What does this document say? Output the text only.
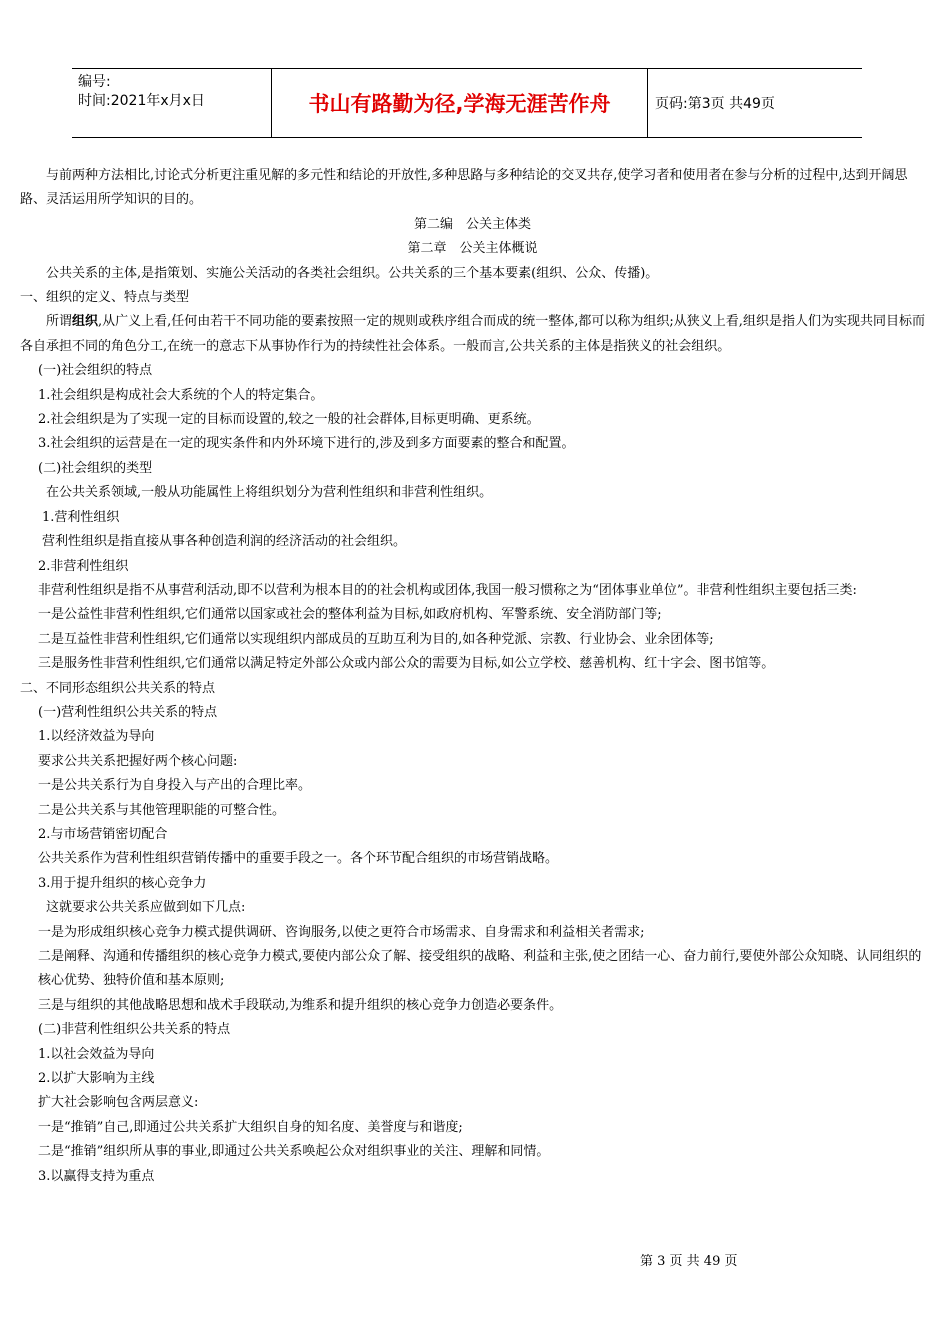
编号:
时间:2021年x月x日	书山有路勤为径,学海无涯苦作舟	页码:第3页 共49页

与前两种方法相比,讨论式分析更注重见解的多元性和结论的开放性,多种思路与多种结论的交叉共存,使学习者和使用者在参与分析的过程中,达到开阔思路、灵活运用所学知识的目的。

第二编　公关主体类

第二章　公关主体概说

公共关系的主体,是指策划、实施公关活动的各类社会组织。公共关系的三个基本要素(组织、公众、传播)。

一、组织的定义、特点与类型

所谓组织,从广义上看,任何由若干不同功能的要素按照一定的规则或秩序组合而成的统一整体,都可以称为组织;从狭义上看,组织是指人们为实现共同目标而各自承担不同的角色分工,在统一的意志下从事协作行为的持续性社会体系。一般而言,公共关系的主体是指狭义的社会组织。

(一)社会组织的特点

1.社会组织是构成社会大系统的个人的特定集合。

2.社会组织是为了实现一定的目标而设置的,较之一般的社会群体,目标更明确、更系统。

3.社会组织的运营是在一定的现实条件和内外环境下进行的,涉及到多方面要素的整合和配置。

(二)社会组织的类型

在公共关系领域,一般从功能属性上将组织划分为营利性组织和非营利性组织。

1.营利性组织

营利性组织是指直接从事各种创造利润的经济活动的社会组织。

2.非营利性组织

非营利性组织是指不从事营利活动,即不以营利为根本目的的社会机构或团体,我国一般习惯称之为“团体事业单位”。非营利性组织主要包括三类:

一是公益性非营利性组织,它们通常以国家或社会的整体利益为目标,如政府机构、军警系统、安全消防部门等;

二是互益性非营利性组织,它们通常以实现组织内部成员的互助互利为目的,如各种党派、宗教、行业协会、业余团体等;

三是服务性非营利性组织,它们通常以满足特定外部公众或内部公众的需要为目标,如公立学校、慈善机构、红十字会、图书馆等。

二、不同形态组织公共关系的特点

(一)营利性组织公共关系的特点

1.以经济效益为导向

要求公共关系把握好两个核心问题:

一是公共关系行为自身投入与产出的合理比率。

二是公共关系与其他管理职能的可整合性。

2.与市场营销密切配合

公共关系作为营利性组织营销传播中的重要手段之一。各个环节配合组织的市场营销战略。

3.用于提升组织的核心竞争力

这就要求公共关系应做到如下几点:

一是为形成组织核心竞争力模式提供调研、咨询服务,以使之更符合市场需求、自身需求和利益相关者需求;

二是阐释、沟通和传播组织的核心竞争力模式,要使内部公众了解、接受组织的战略、利益和主张,使之团结一心、奋力前行,要使外部公众知晓、认同组织的核心优势、独特价值和基本原则;

三是与组织的其他战略思想和战术手段联动,为维系和提升组织的核心竞争力创造必要条件。

(二)非营利性组织公共关系的特点

1.以社会效益为导向

2.以扩大影响为主线

扩大社会影响包含两层意义:

一是“推销”自己,即通过公共关系扩大组织自身的知名度、美誉度与和谐度;

二是“推销”组织所从事的事业,即通过公共关系唤起公众对组织事业的关注、理解和同情。

3.以赢得支持为重点

第 3 页 共 49 页
